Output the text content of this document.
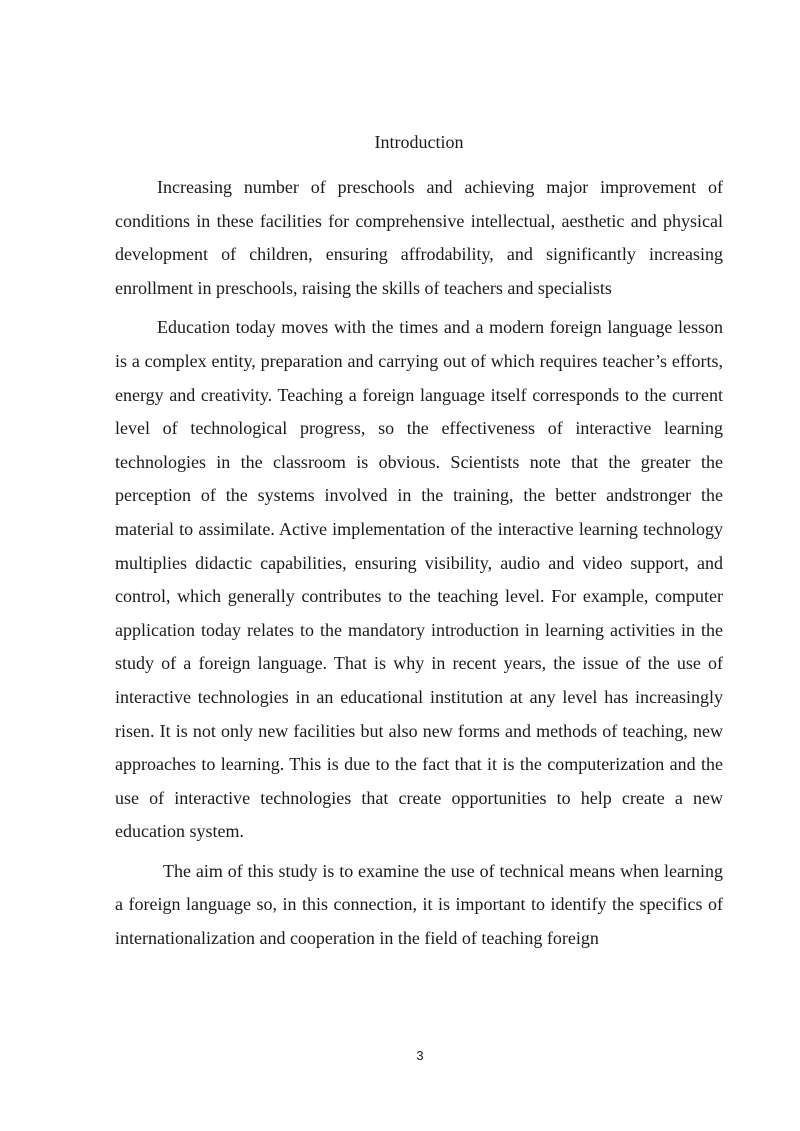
Introduction

Increasing number of preschools and achieving major improvement of conditions in these facilities for comprehensive intellectual, aesthetic and physical development of children, ensuring affrodability, and significantly increasing enrollment in preschools, raising the skills of teachers and specialists

Education today moves with the times and a modern foreign language lesson is a complex entity, preparation and carrying out of which requires teacher’s efforts, energy and creativity. Teaching a foreign language itself corresponds to the current level of technological progress, so the effectiveness of interactive learning technologies in the classroom is obvious. Scientists note that the greater the perception of the systems involved in the training, the better andstronger the material to assimilate. Active implementation of the interactive learning technology multiplies didactic capabilities, ensuring visibility, audio and video support, and control, which generally contributes to the teaching level. For example, computer application today relates to the mandatory introduction in learning activities in the study of a foreign language. That is why in recent years, the issue of the use of interactive technologies in an educational institution at any level has increasingly risen. It is not only new facilities but also new forms and methods of teaching, new approaches to learning. This is due to the fact that it is the computerization and the use of interactive technologies that create opportunities to help create a new education system.

The aim of this study is to examine the use of technical means when learning a foreign language so, in this connection, it is important to identify the specifics of internationalization and cooperation in the field of teaching foreign

3
